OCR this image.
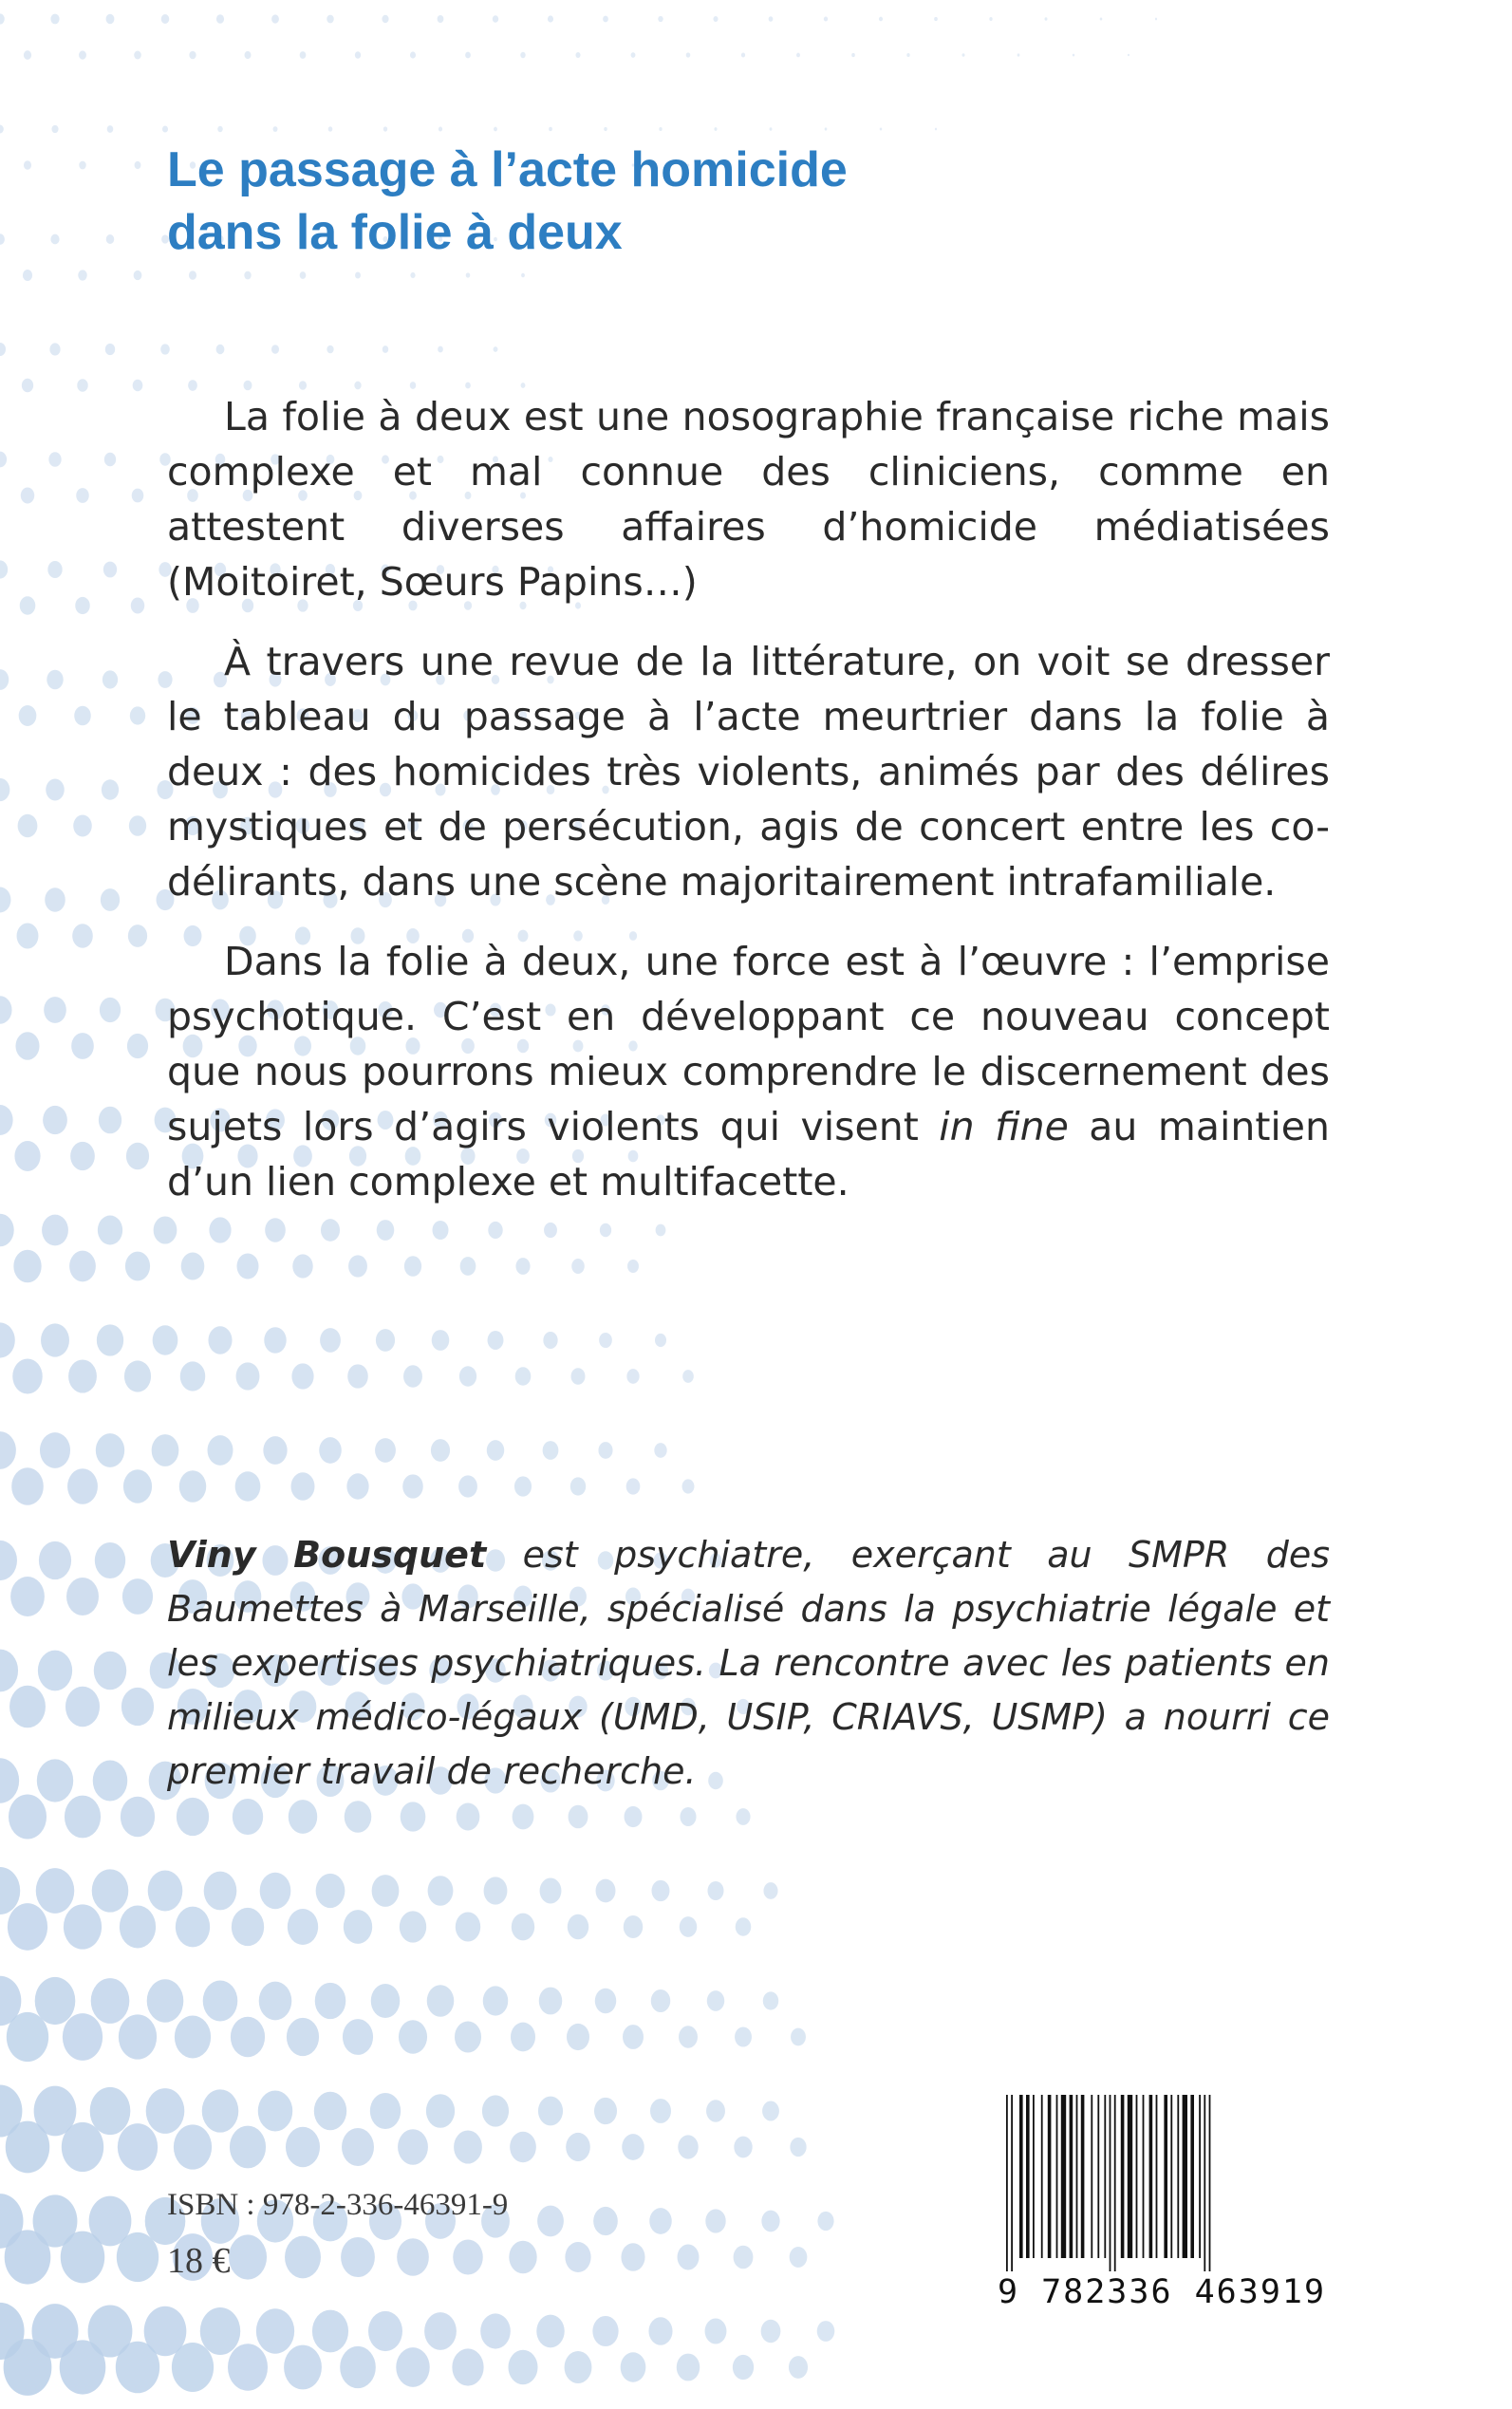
Le passage à l’acte homicide
dans la folie à deux

La folie à deux est une nosographie française riche mais complexe et mal connue des cliniciens, comme en attestent diverses affaires d’homicide médiatisées (Moitoiret, Sœurs Papins…)

À travers une revue de la littérature, on voit se dresser le tableau du passage à l’acte meurtrier dans la folie à deux : des homicides très violents, animés par des délires mystiques et de persécution, agis de concert entre les co-délirants, dans une scène majoritairement intrafamiliale.

Dans la folie à deux, une force est à l’œuvre : l’emprise psychotique. C’est en développant ce nouveau concept que nous pourrons mieux comprendre le discernement des sujets lors d’agirs violents qui visent in fine au maintien d’un lien complexe et multifacette.

Viny Bousquet est psychiatre, exerçant au SMPR des Baumettes à Marseille, spécialisé dans la psychiatrie légale et les expertises psychiatriques. La rencontre avec les patients en milieux médico-légaux (UMD, USIP, CRIAVS, USMP) a nourri ce premier travail de recherche.

ISBN : 978-2-336-46391-9
18 €
9 782336 463919
